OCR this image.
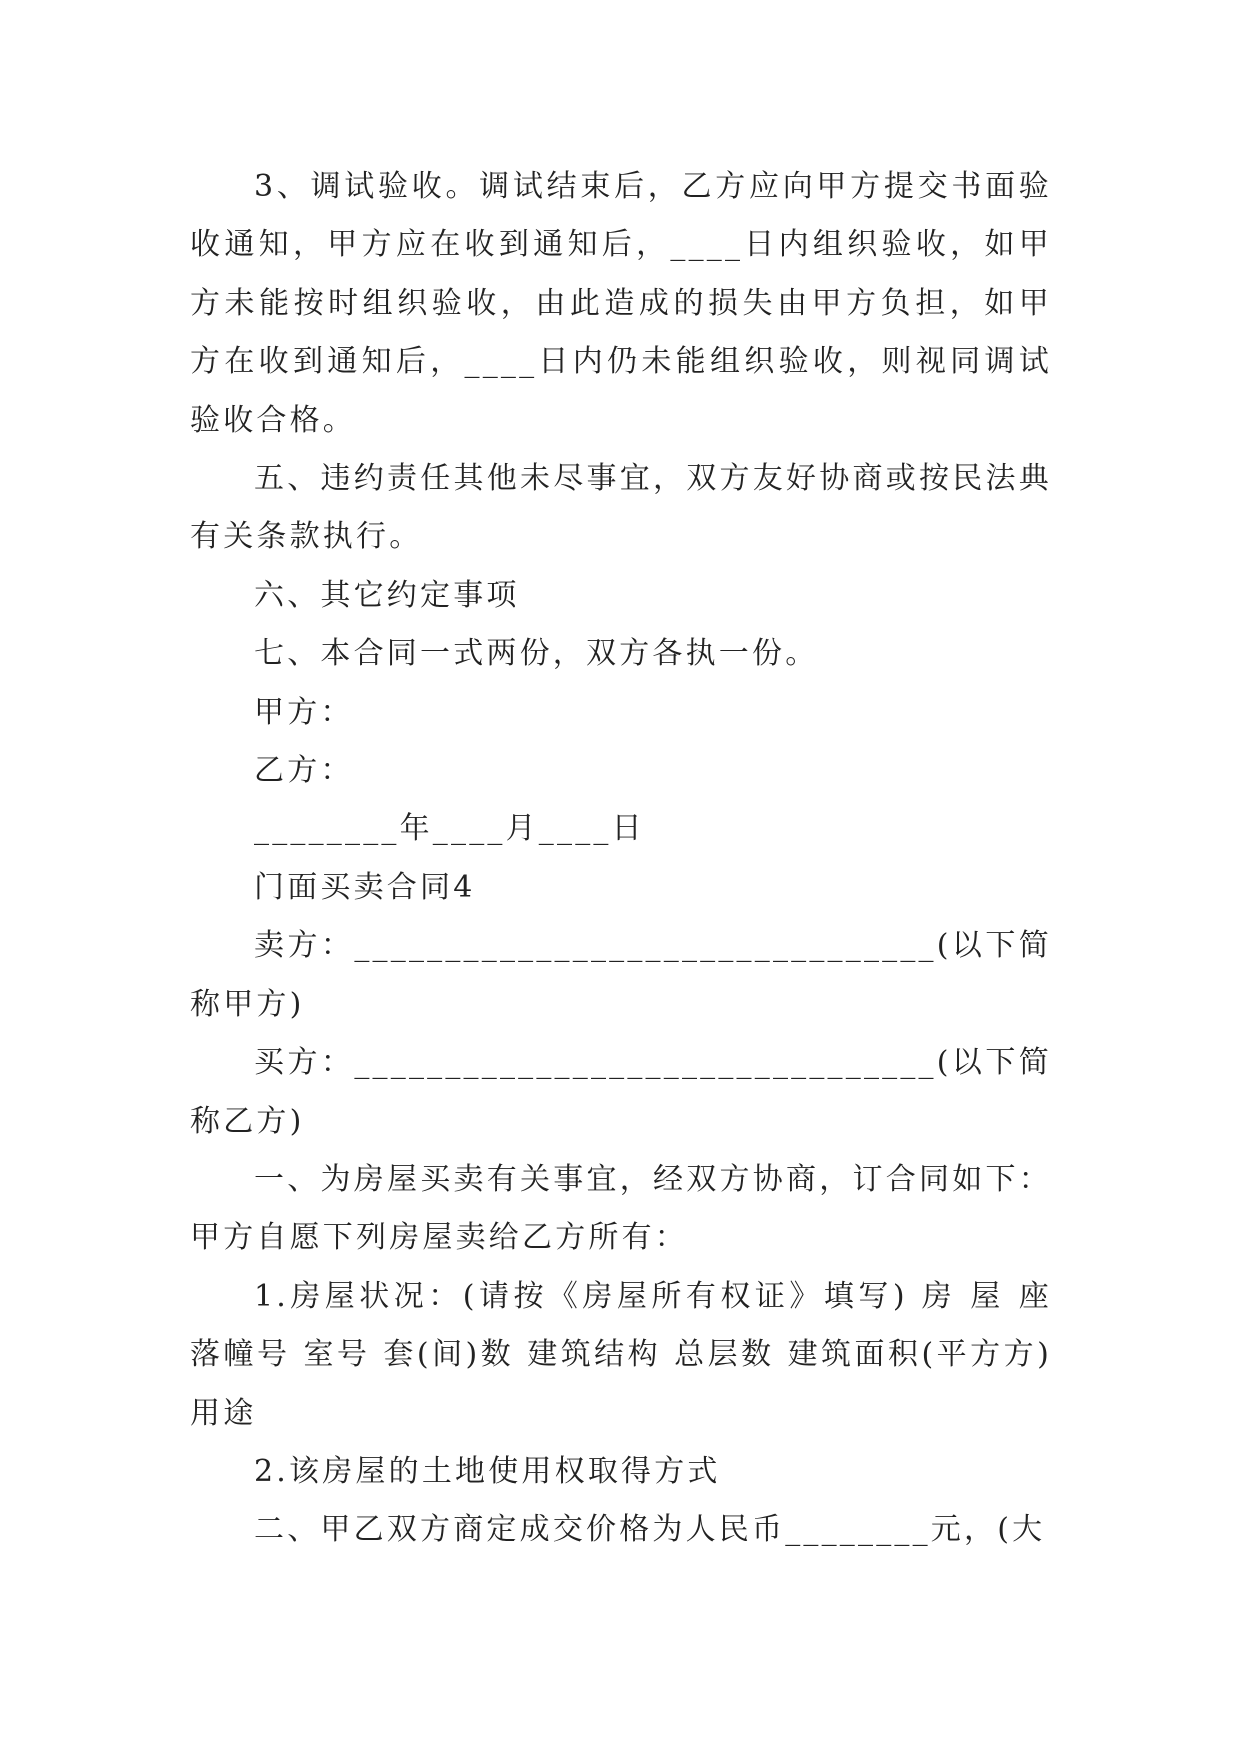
3、调试验收。调试结束后，乙方应向甲方提交书面验收通知，甲方应在收到通知后，____日内组织验收，如甲方未能按时组织验收，由此造成的损失由甲方负担，如甲方在收到通知后，____日内仍未能组织验收，则视同调试验收合格。

五、违约责任其他未尽事宜，双方友好协商或按民法典有关条款执行。

六、其它约定事项

七、本合同一式两份，双方各执一份。

甲方：

乙方：

________年____月____日

门面买卖合同4

卖方：________________________________(以下简称甲方)

买方：________________________________(以下简称乙方)

一、为房屋买卖有关事宜，经双方协商，订合同如下：甲方自愿下列房屋卖给乙方所有：

1.房屋状况：(请按《房屋所有权证》填写) 房 屋 座落幢号 室号 套(间)数 建筑结构 总层数 建筑面积(平方方)用途

2.该房屋的土地使用权取得方式

二、甲乙双方商定成交价格为人民币________元，(大
